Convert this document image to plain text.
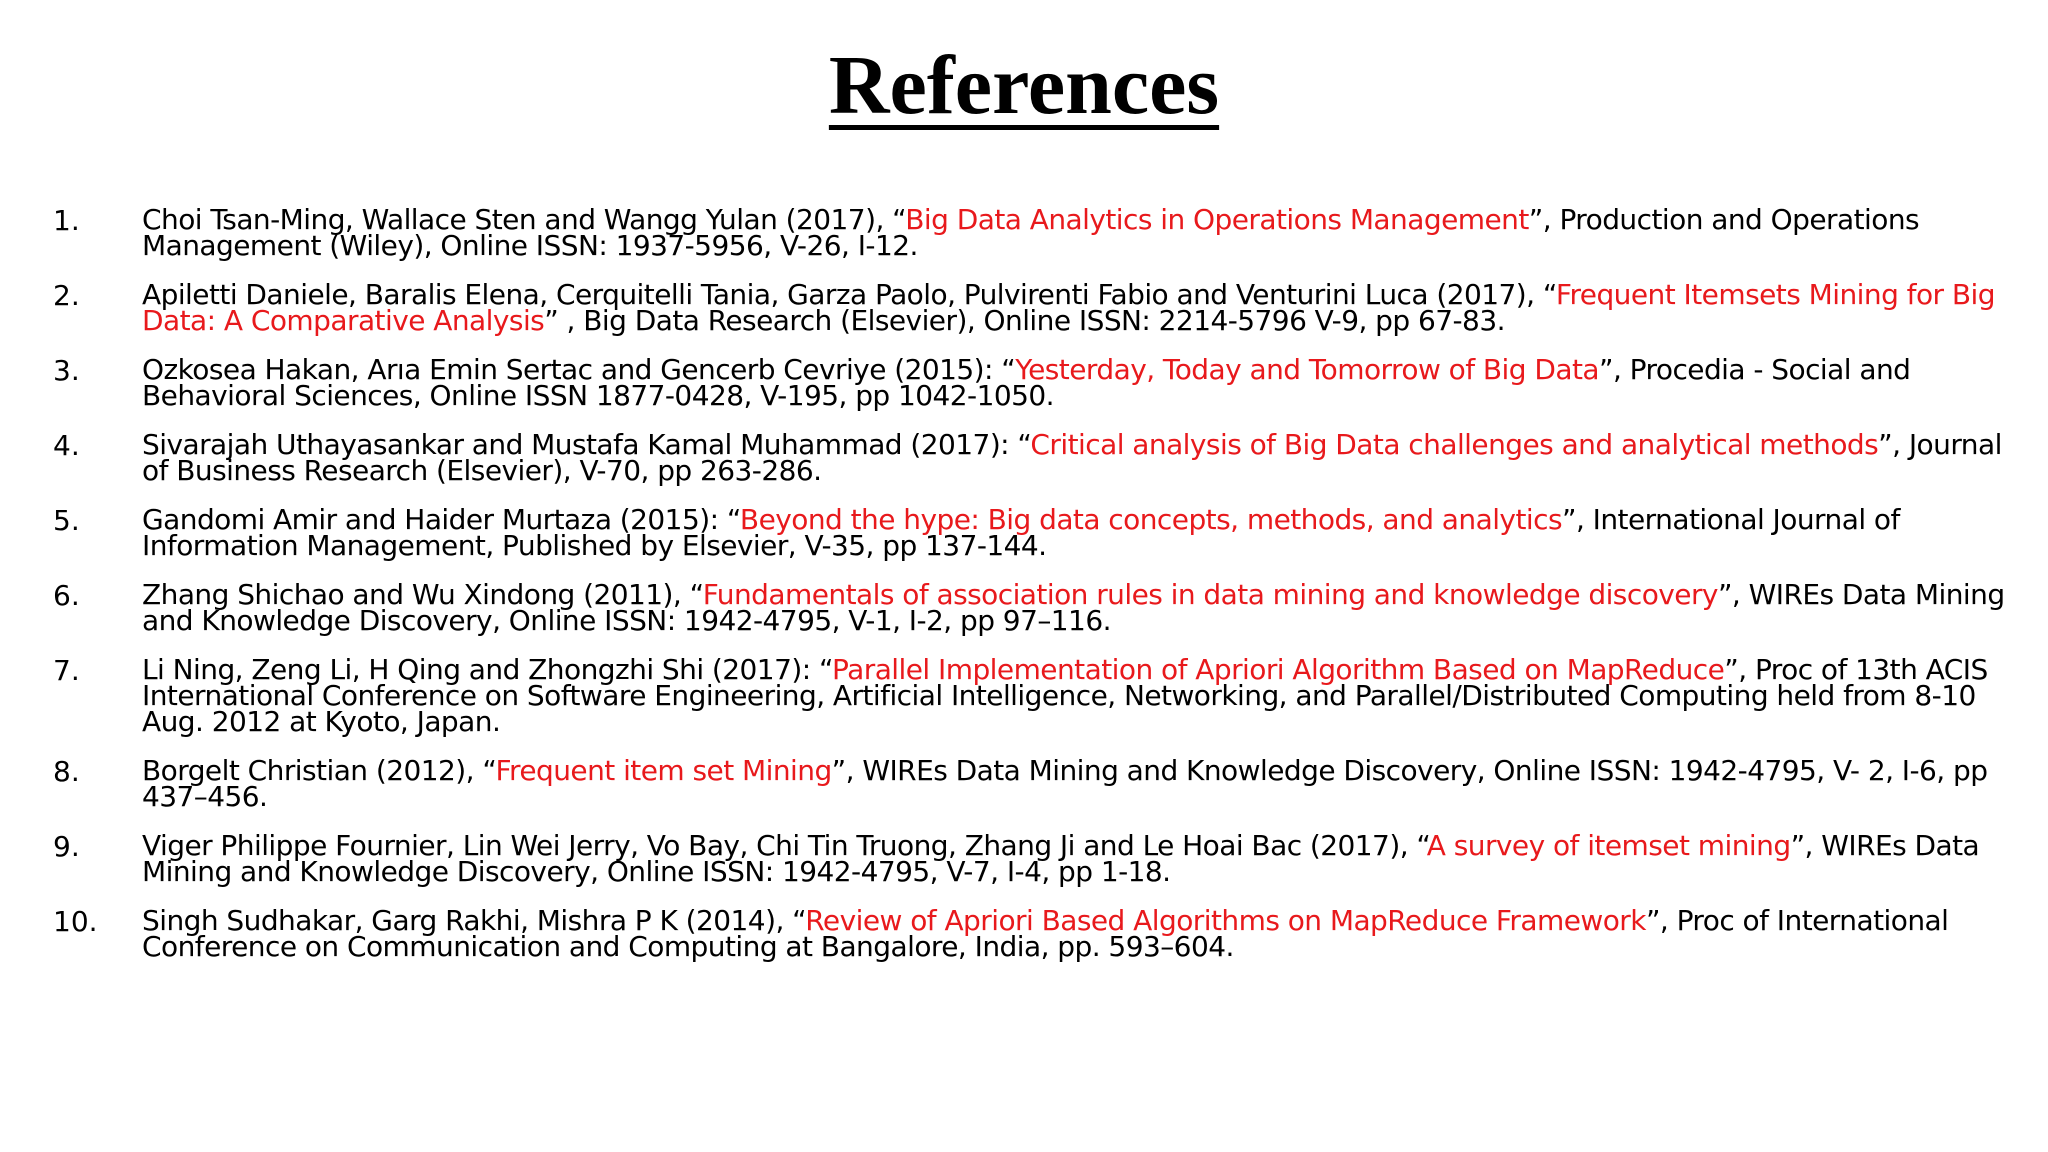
References
1. Choi Tsan-Ming, Wallace Sten and Wangg Yulan (2017), “Big Data Analytics in Operations Management”, Production and Operations Management (Wiley), Online ISSN: 1937-5956, V-26, I-12.
2. Apiletti Daniele, Baralis Elena, Cerquitelli Tania, Garza Paolo, Pulvirenti Fabio and Venturini Luca (2017), “Frequent Itemsets Mining for Big Data: A Comparative Analysis” , Big Data Research (Elsevier), Online ISSN: 2214-5796 V-9, pp 67-83.
3. Ozkosea Hakan, Arıa Emin Sertac and Gencerb Cevriye (2015): “Yesterday, Today and Tomorrow of Big Data”, Procedia - Social and Behavioral Sciences, Online ISSN 1877-0428, V-195, pp 1042-1050.
4. Sivarajah Uthayasankar and Mustafa Kamal Muhammad (2017): “Critical analysis of Big Data challenges and analytical methods”, Journal of Business Research (Elsevier), V-70, pp 263-286.
5. Gandomi Amir and Haider Murtaza (2015): “Beyond the hype: Big data concepts, methods, and analytics”, International Journal of Information Management, Published by Elsevier, V-35, pp 137-144.
6. Zhang Shichao and Wu Xindong (2011), “Fundamentals of association rules in data mining and knowledge discovery”, WIREs Data Mining and Knowledge Discovery, Online ISSN: 1942-4795, V-1, I-2, pp 97–116.
7. Li Ning, Zeng Li, H Qing and Zhongzhi Shi (2017): “Parallel Implementation of Apriori Algorithm Based on MapReduce”, Proc of 13th ACIS International Conference on Software Engineering, Artificial Intelligence, Networking, and Parallel/Distributed Computing held from 8-10 Aug. 2012 at Kyoto, Japan.
8. Borgelt Christian (2012), “Frequent item set Mining”, WIREs Data Mining and Knowledge Discovery, Online ISSN: 1942-4795, V- 2, I-6, pp 437–456.
9. Viger Philippe Fournier, Lin Wei Jerry, Vo Bay, Chi Tin Truong, Zhang Ji and Le Hoai Bac (2017), “A survey of itemset mining”, WIREs Data Mining and Knowledge Discovery, Online ISSN: 1942-4795, V-7, I-4, pp 1-18.
10. Singh Sudhakar, Garg Rakhi, Mishra P K (2014), “Review of Apriori Based Algorithms on MapReduce Framework”, Proc of International Conference on Communication and Computing at Bangalore, India, pp. 593–604.
